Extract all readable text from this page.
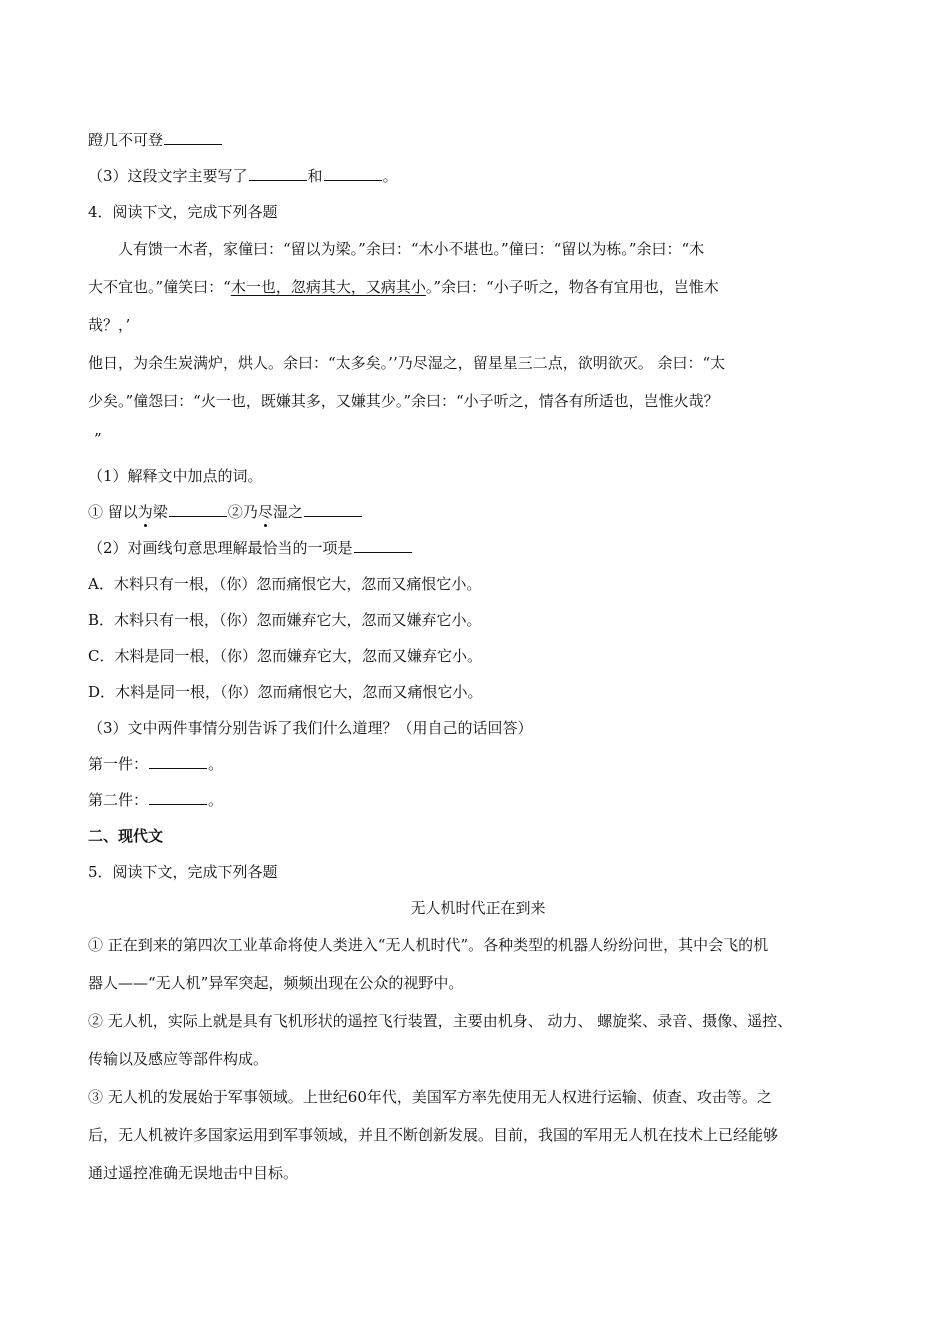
蹬几不可登
（3）这段文字主要写了	和	。
4．阅读下文，完成下列各题
人有馈一木者，家僮曰：“留以为梁。”余曰：“木小不堪也。”僮曰：“留以为栋。”余曰：“木
大不宜也。”僮笑曰：“木一也，忽病其大，又病其小。”余曰：“小子听之，物各有宜用也，岂惟木
哉？，’
他日，为余生炭满炉，烘人。余曰：“太多矣。’’乃尽湿之，留星星三二点，欲明欲灭。 余曰：“太
少矣。”僮怨曰：“火一也，既嫌其多，又嫌其少。”余曰：“小子听之，情各有所适也，岂惟火哉？
”
（1）解释文中加点的词。
① 留以为梁	②乃尽湿之
（2）对画线句意思理解最恰当的一项是
A．木料只有一根，（你）忽而痛恨它大，忽而又痛恨它小。
B．木料只有一根，（你）忽而嫌弃它大，忽而又嫌弃它小。
C．木料是同一根，（你）忽而嫌弃它大，忽而又嫌弃它小。
D．木料是同一根，（你）忽而痛恨它大，忽而又痛恨它小。
（3）文中两件事情分别告诉了我们什么道理？（用自己的话回答）
第一件：	。
第二件：	。
二、现代文
5．阅读下文，完成下列各题
无人机时代正在到来
① 正在到来的第四次工业革命将使人类进入“无人机时代”。各种类型的机器人纷纷问世，其中会飞的机
器人——“无人机”异军突起，频频出现在公众的视野中。
② 无人机，实际上就是具有飞机形状的遥控飞行装置，主要由机身、 动力、 螺旋桨、录音、摄像、遥控、
传输以及感应等部件构成。
③ 无人机的发展始于军事领域。上世纪60年代，美国军方率先使用无人权进行运输、侦查、攻击等。之
后，无人机被许多国家运用到军事领域，并且不断创新发展。目前，我国的军用无人机在技术上已经能够
通过遥控准确无误地击中目标。
